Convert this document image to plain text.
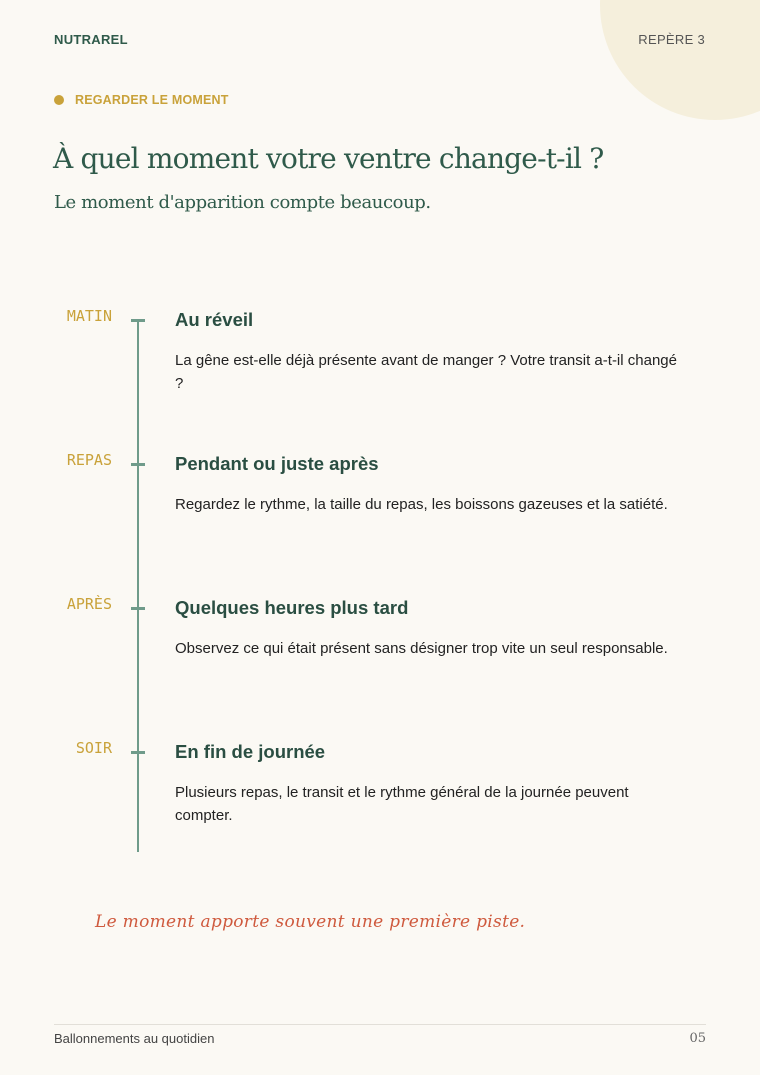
NUTRAREL	REPÈRE 3
REGARDER LE MOMENT
À quel moment votre ventre change-t-il ?

Le moment d'apparition compte beaucoup.

MATIN	Au réveil

La gêne est-elle déjà présente avant de manger ? Votre transit a-t-il changé ?

REPAS	Pendant ou juste après

Regardez le rythme, la taille du repas, les boissons gazeuses et la satiété.

APRÈS	Quelques heures plus tard

Observez ce qui était présent sans désigner trop vite un seul responsable.

SOIR	En fin de journée

Plusieurs repas, le transit et le rythme général de la journée peuvent compter.

Le moment apporte souvent une première piste.
Ballonnements au quotidien	05
